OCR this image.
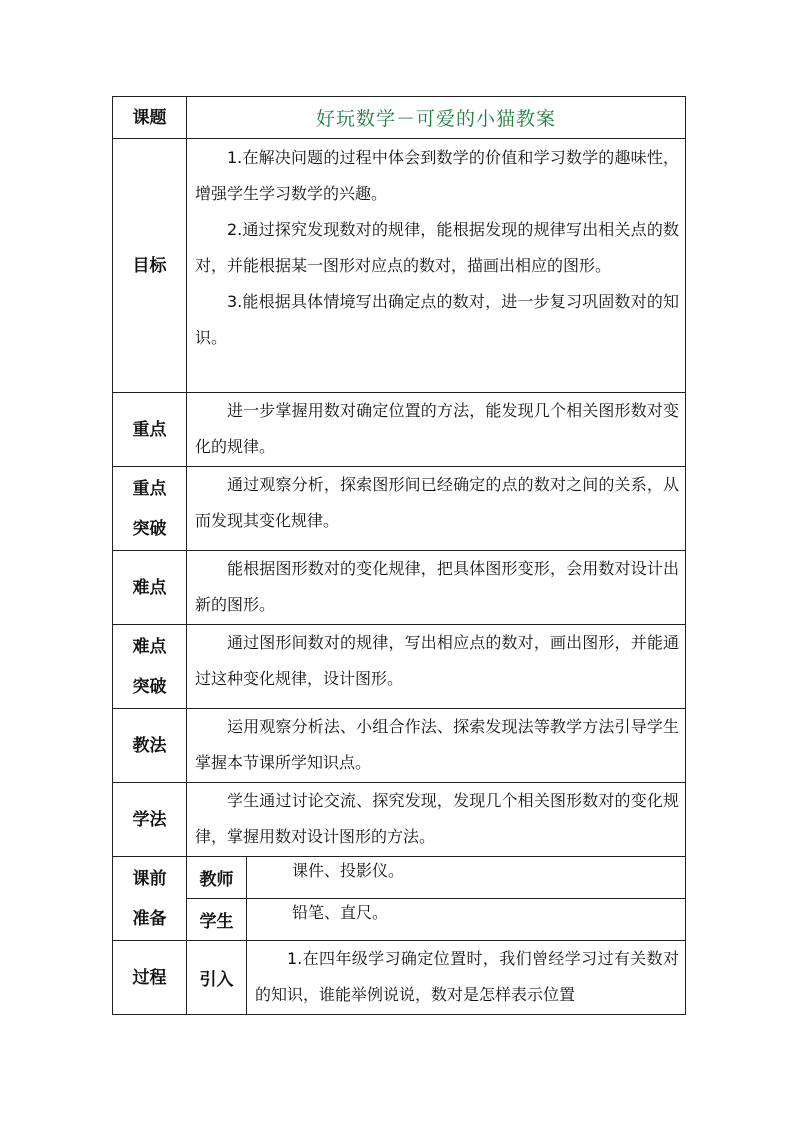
课题	好玩数学－可爱的小猫教案	
目标	1.在解决问题的过程中体会到数学的价值和学习数学的趣味性，增强学生学习数学的兴趣。

2.通过探究发现数对的规律，能根据发现的规律写出相关点的数对，并能根据某一图形对应点的数对，描画出相应的图形。

3.能根据具体情境写出确定点的数对，进一步复习巩固数对的知识。	

重点	进一步掌握用数对确定位置的方法，能发现几个相关图形数对变化的规律。	

重点
突破	通过观察分析，探索图形间已经确定的点的数对之间的关系，从而发现其变化规律。	

难点	能根据图形数对的变化规律，把具体图形变形，会用数对设计出新的图形。	

难点
突破	通过图形间数对的规律，写出相应点的数对，画出图形，并能通过这种变化规律，设计图形。	

教法	运用观察分析法、小组合作法、探索发现法等教学方法引导学生掌握本节课所学知识点。	

学法	学生通过讨论交流、探究发现，发现几个相关图形数对的变化规律，掌握用数对设计图形的方法。	

课前
准备	教师	课件、投影仪。

	学生	铅笔、直尺。

过程	引入	1.在四年级学习确定位置时，我们曾经学习过有关数对的知识，谁能举例说说，数对是怎样表示位置
